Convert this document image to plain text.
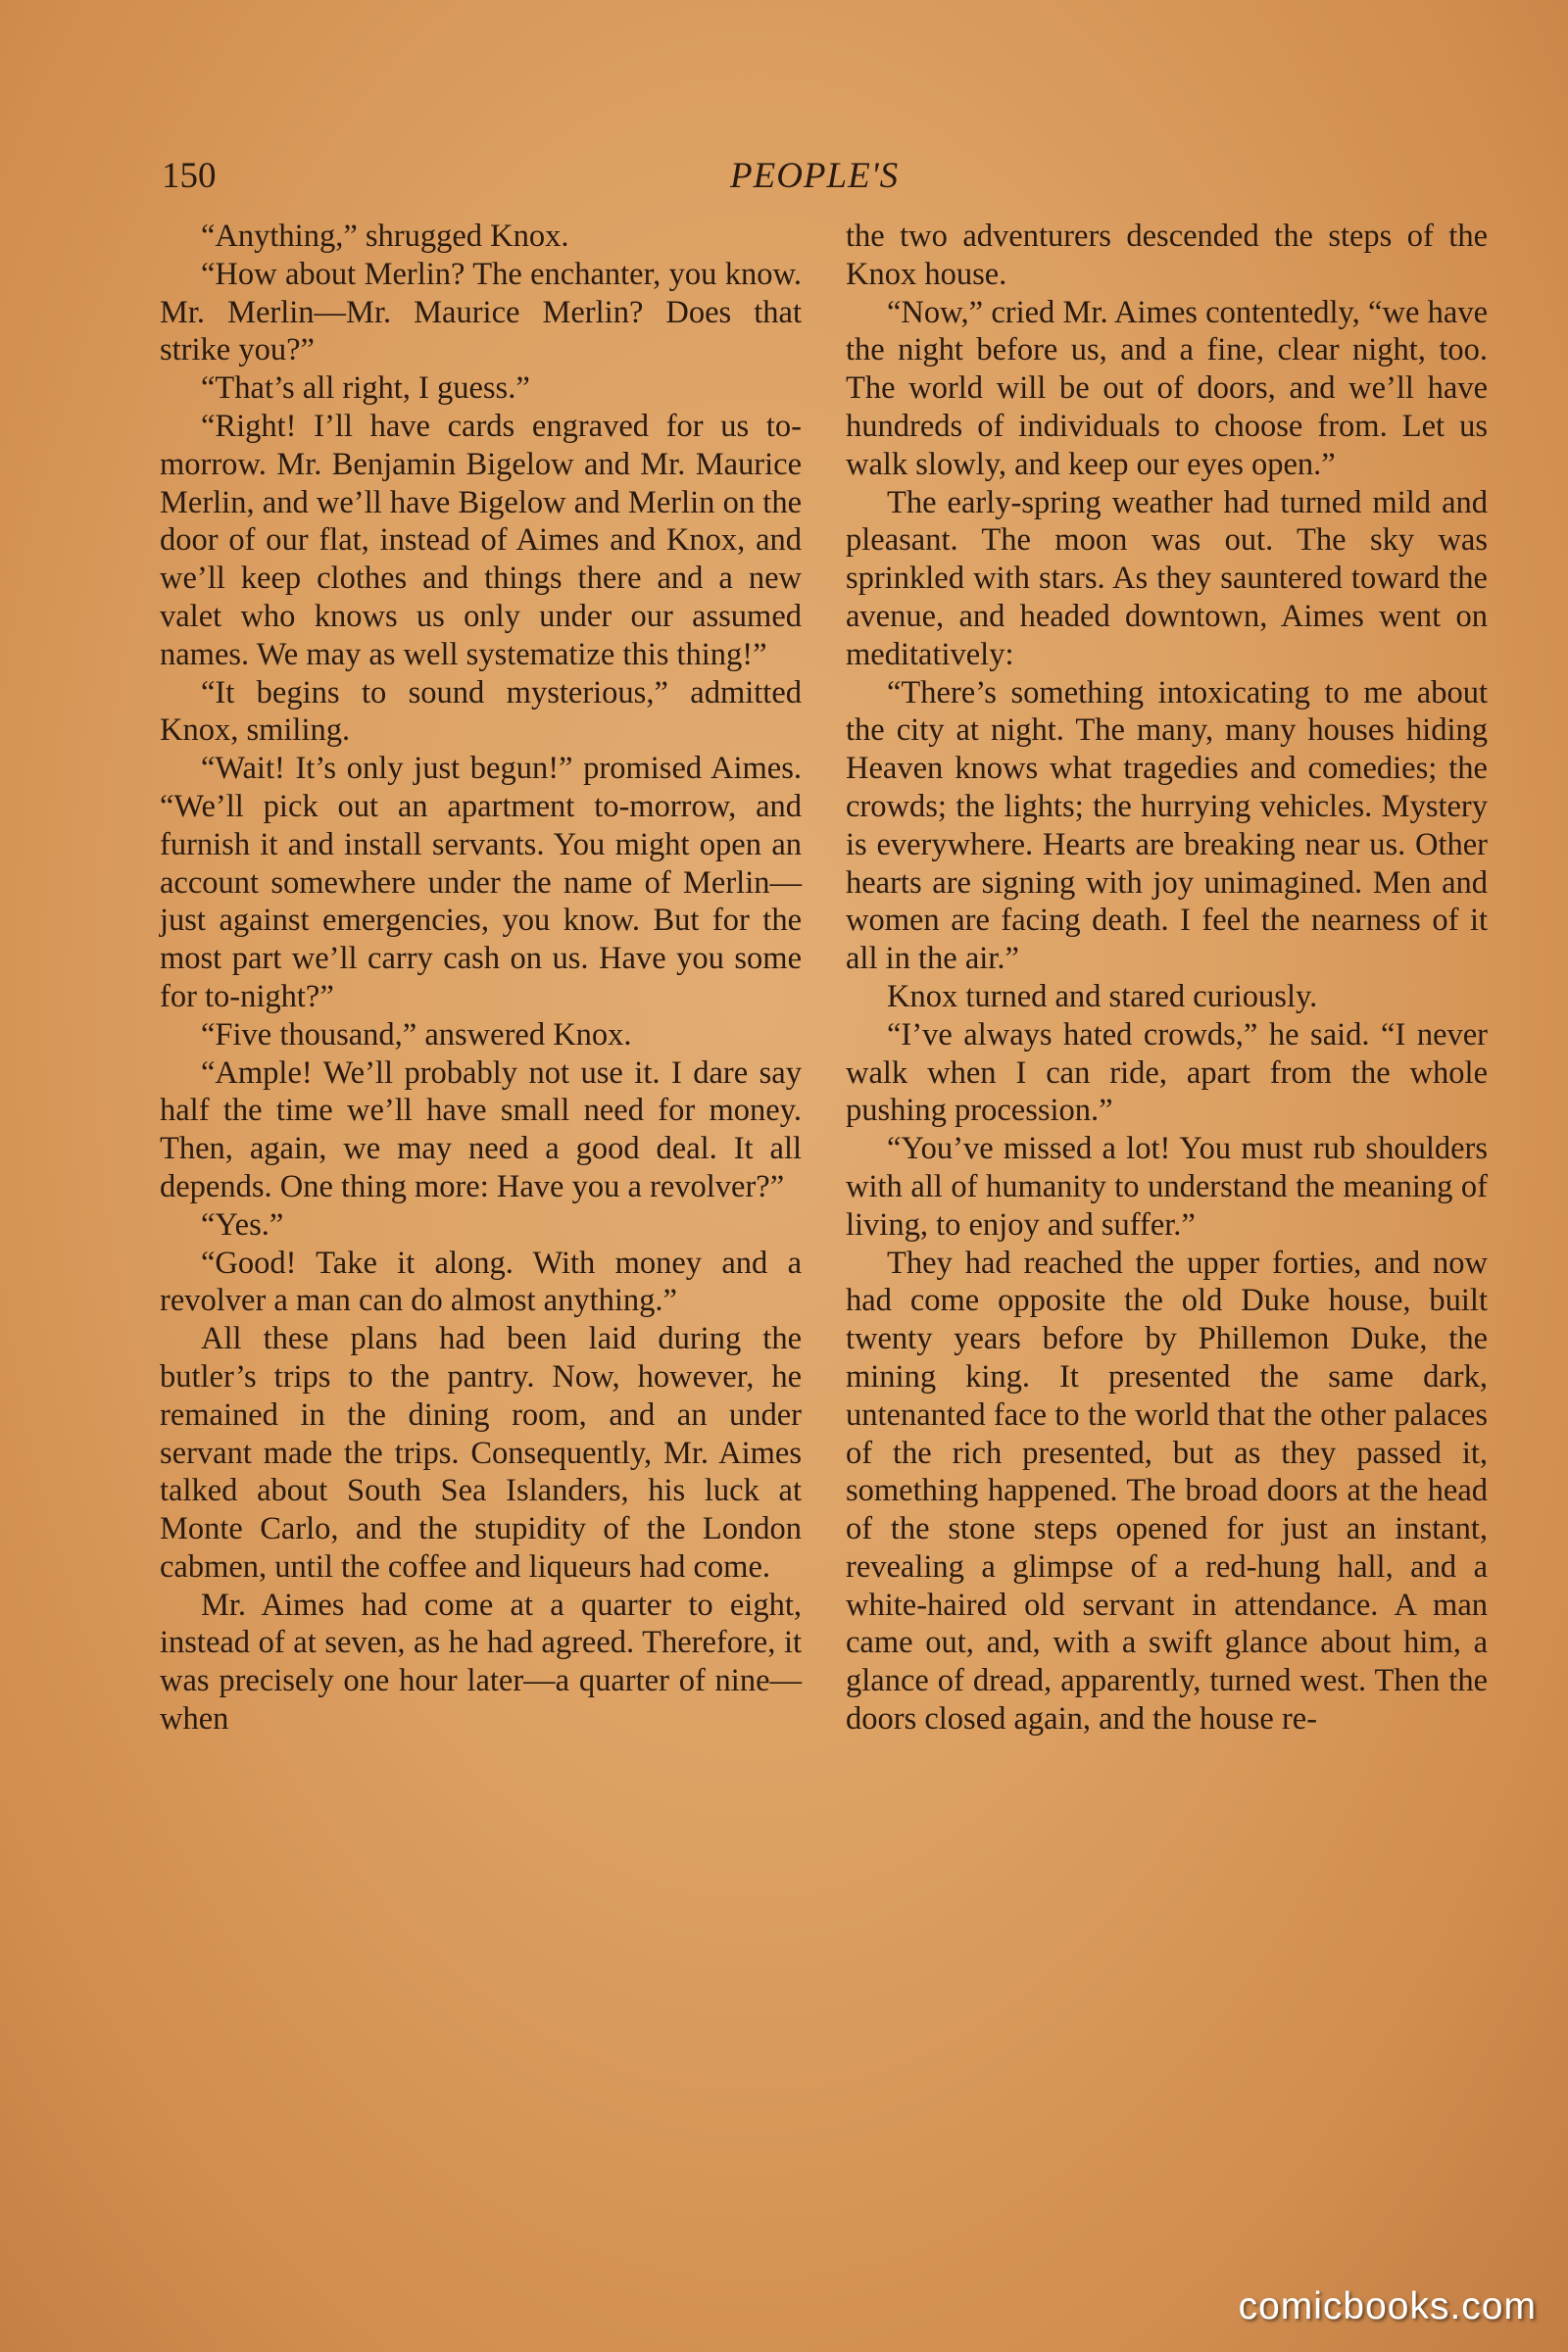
150	PEOPLE'S

“Anything,” shrugged Knox.

“How about Merlin? The enchanter, you know. Mr. Merlin—Mr. Maurice Merlin? Does that strike you?”

“That’s all right, I guess.”

“Right! I’ll have cards engraved for us to-morrow. Mr. Benjamin Bigelow and Mr. Maurice Merlin, and we’ll have Bigelow and Merlin on the door of our flat, instead of Aimes and Knox, and we’ll keep clothes and things there and a new valet who knows us only under our assumed names. We may as well systematize this thing!”

“It begins to sound mysterious,” admitted Knox, smiling.

“Wait! It’s only just begun!” promised Aimes. “We’ll pick out an apartment to-morrow, and furnish it and install servants. You might open an account somewhere under the name of Merlin—just against emergencies, you know. But for the most part we’ll carry cash on us. Have you some for to-night?”

“Five thousand,” answered Knox.

“Ample! We’ll probably not use it. I dare say half the time we’ll have small need for money. Then, again, we may need a good deal. It all depends. One thing more: Have you a revolver?”

“Yes.”

“Good! Take it along. With money and a revolver a man can do almost anything.”

All these plans had been laid during the butler’s trips to the pantry. Now, however, he remained in the dining room, and an under servant made the trips. Consequently, Mr. Aimes talked about South Sea Islanders, his luck at Monte Carlo, and the stupidity of the London cabmen, until the coffee and liqueurs had come.

Mr. Aimes had come at a quarter to eight, instead of at seven, as he had agreed. Therefore, it was precisely one hour later—a quarter of nine—when

the two adventurers descended the steps of the Knox house.

“Now,” cried Mr. Aimes contentedly, “we have the night before us, and a fine, clear night, too. The world will be out of doors, and we’ll have hundreds of individuals to choose from. Let us walk slowly, and keep our eyes open.”

The early-spring weather had turned mild and pleasant. The moon was out. The sky was sprinkled with stars. As they sauntered toward the avenue, and headed downtown, Aimes went on meditatively:

“There’s something intoxicating to me about the city at night. The many, many houses hiding Heaven knows what tragedies and comedies; the crowds; the lights; the hurrying vehicles. Mystery is everywhere. Hearts are breaking near us. Other hearts are signing with joy unimagined. Men and women are facing death. I feel the nearness of it all in the air.”

Knox turned and stared curiously.

“I’ve always hated crowds,” he said. “I never walk when I can ride, apart from the whole pushing procession.”

“You’ve missed a lot! You must rub shoulders with all of humanity to understand the meaning of living, to enjoy and suffer.”

They had reached the upper forties, and now had come opposite the old Duke house, built twenty years before by Phillemon Duke, the mining king. It presented the same dark, untenanted face to the world that the other palaces of the rich presented, but as they passed it, something happened. The broad doors at the head of the stone steps opened for just an instant, revealing a glimpse of a red-hung hall, and a white-haired old servant in attendance. A man came out, and, with a swift glance about him, a glance of dread, apparently, turned west. Then the doors closed again, and the house re-

comicbooks.com
